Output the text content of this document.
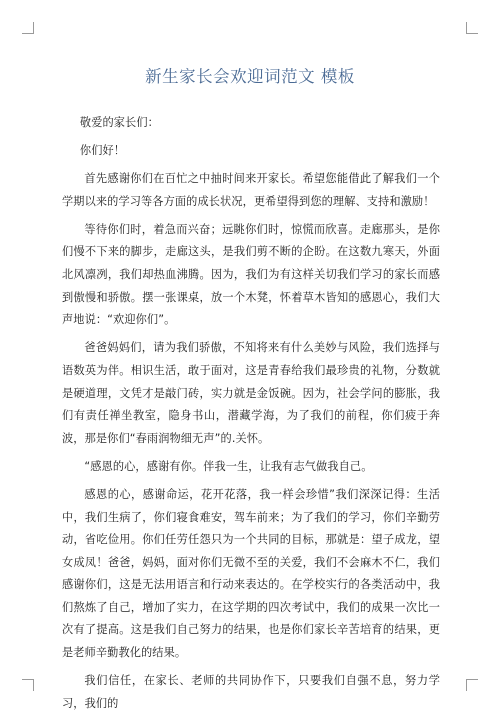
新生家长会欢迎词范文 模板

敬爱的家长们：

你们好！

首先感谢你们在百忙之中抽时间来开家长。希望您能借此了解我们一个学期以来的学习等各方面的成长状况，更希望得到您的理解、支持和激励！

等待你们时，着急而兴奋；远眺你们时，惊慌而欣喜。走廊那头，是你们慢不下来的脚步，走廊这头，是我们剪不断的企盼。在这数九寒天，外面北风凛冽，我们却热血沸腾。因为，我们为有这样关切我们学习的家长而感到傲慢和骄傲。摆一张课桌，放一个木凳，怀着草木皆知的感恩心，我们大声地说：“欢迎你们”。

爸爸妈妈们，请为我们骄傲，不知将来有什么美妙与风险，我们选择与语数英为伴。相识生活，敢于面对，这是青春给我们最珍贵的礼物，分数就是硬道理，文凭才是敲门砖，实力就是金饭碗。因为，社会学问的膨胀，我们有责任禅坐教室，隐身书山，潜藏学海，为了我们的前程，你们疲于奔波，那是你们“春雨润物细无声”的.关怀。

“感恩的心，感谢有你。伴我一生，让我有志气做我自己。

感恩的心，感谢命运，花开花落，我一样会珍惜”我们深深记得：生活中，我们生病了，你们寝食难安，驾车前来；为了我们的学习，你们辛勤劳动，省吃俭用。你们任劳任怨只为一个共同的目标，那就是：望子成龙，望女成凤！爸爸，妈妈，面对你们无微不至的关爱，我们不会麻木不仁，我们感谢你们，这是无法用语言和行动来表达的。在学校实行的各类活动中，我们熬炼了自己，增加了实力，在这学期的四次考试中，我们的成果一次比一次有了提高。这是我们自己努力的结果，也是你们家长辛苦培育的结果，更是老师辛勤教化的结果。

我们信任，在家长、老师的共同协作下，只要我们自强不息，努力学习，我们的
